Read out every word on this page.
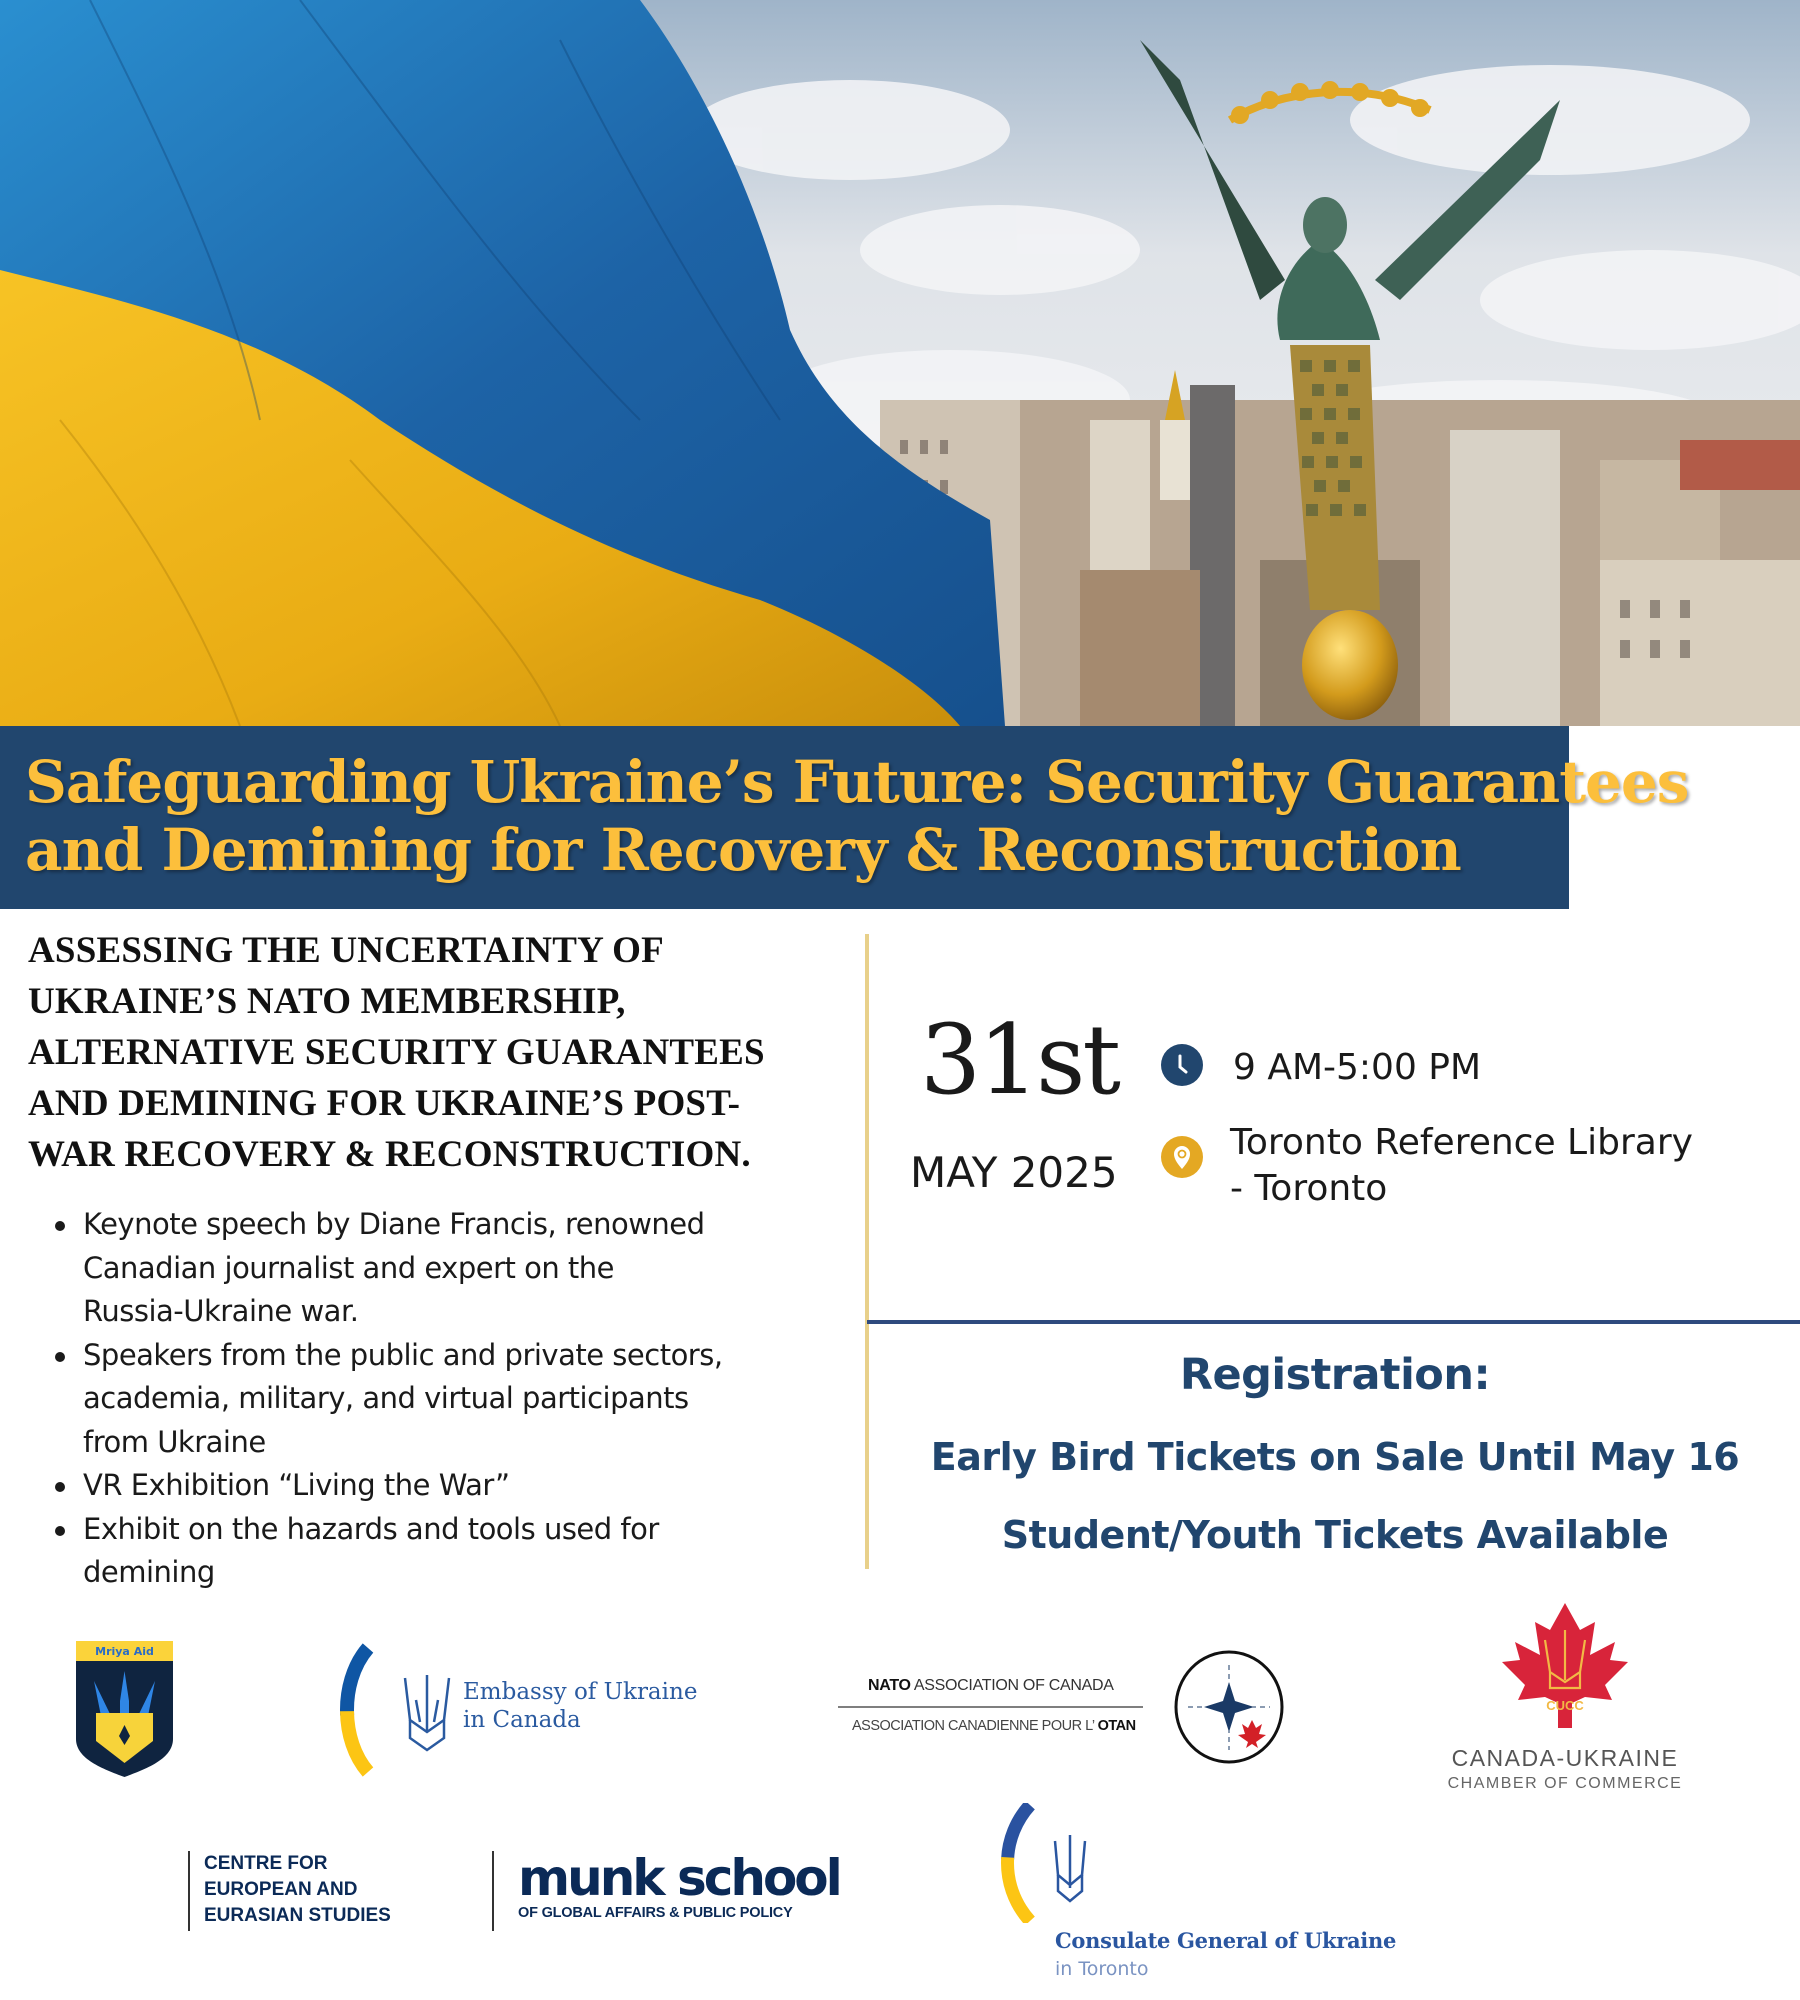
Safeguarding Ukraine’s Future: Security Guarantees
and Demining for Recovery & Reconstruction
ASSESSING THE UNCERTAINTY OF
UKRAINE’S NATO MEMBERSHIP,
ALTERNATIVE SECURITY GUARANTEES
AND DEMINING FOR UKRAINE’S POST-
WAR RECOVERY & RECONSTRUCTION.
Keynote speech by Diane Francis, renowned
Canadian journalist and expert on the
Russia-Ukraine war.
Speakers from the public and private sectors,
academia, military, and virtual participants
from Ukraine
VR Exhibition “Living the War”
Exhibit on the hazards and tools used for
demining
31st
MAY 2025
9 AM-5:00 PM
Toronto Reference Library
- Toronto
Registration:
Early Bird Tickets on Sale Until May 16
Student/Youth Tickets Available
Mriya Aid
Embassy of Ukraine
in Canada
NATO ASSOCIATION OF CANADA
ASSOCIATION CANADIENNE POUR L’ OTAN
CUCC
CANADA-UKRAINE
CHAMBER OF COMMERCE
CENTRE FOR
EUROPEAN AND
EURASIAN STUDIES
munk school
OF GLOBAL AFFAIRS & PUBLIC POLICY
Consulate General of Ukraine
in Toronto
